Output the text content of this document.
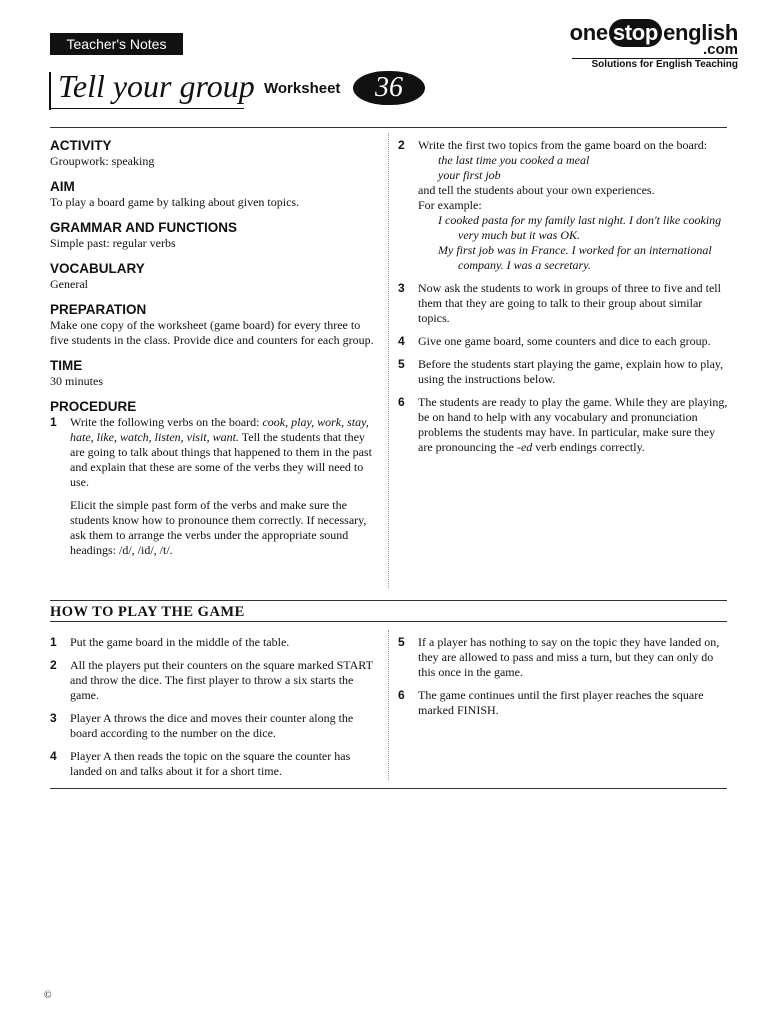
Teacher's Notes	one stop english
.com
Solutions for English Teaching
Tell your group Worksheet	36

ACTIVITY

Groupwork: speaking

AIM

To play a board game by talking about given topics.

GRAMMAR AND FUNCTIONS

Simple past: regular verbs

VOCABULARY

General

PREPARATION

Make one copy of the worksheet (game board) for every three to five students in the class. Provide dice and counters for each group.

TIME

30 minutes

PROCEDURE

1	Write the following verbs on the board: cook, play, work, stay, hate, like, watch, listen, visit, want. Tell the students that they are going to talk about things that happened to them in the past and explain that these are some of the verbs they will need to use.

Elicit the simple past form of the verbs and make sure the students know how to pronounce them correctly. If necessary, ask them to arrange the verbs under the appropriate sound headings: /d/, /id/, /t/.

2	Write the first two topics from the game board on the board:

the last time you cooked a meal

your first job

and tell the students about your own experiences.

For example:

I cooked pasta for my family last night. I don't like cooking very much but it was OK.

My first job was in France. I worked for an international company. I was a secretary.

3	Now ask the students to work in groups of three to five and tell them that they are going to talk to their group about similar topics.

4	Give one game board, some counters and dice to each group.

5	Before the students start playing the game, explain how to play, using the instructions below.

6	The students are ready to play the game. While they are playing, be on hand to help with any vocabulary and pronunciation problems the students may have. In particular, make sure they are pronouncing the -ed verb endings correctly.

HOW TO PLAY THE GAME
1	Put the game board in the middle of the table.

2	All the players put their counters on the square marked START and throw the dice. The first player to throw a six starts the game.

3	Player A throws the dice and moves their counter along the board according to the number on the dice.

4	Player A then reads the topic on the square the counter has landed on and talks about it for a short time.

5	If a player has nothing to say on the topic they have landed on, they are allowed to pass and miss a turn, but they can only do this once in the game.

6	The game continues until the first player reaches the square marked FINISH.

©
